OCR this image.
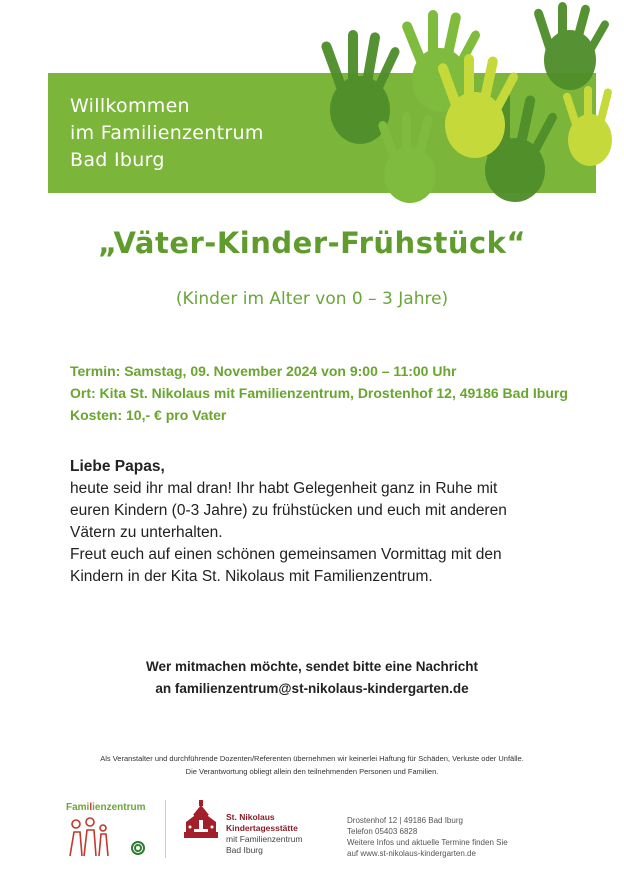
Willkommen
im Familienzentrum
Bad Iburg
„Väter-Kinder-Frühstück“
(Kinder im Alter von 0 – 3 Jahre)
Termin: Samstag, 09. November 2024 von 9:00 – 11:00 Uhr
Ort: Kita St. Nikolaus mit Familienzentrum, Drostenhof 12, 49186 Bad Iburg
Kosten: 10,- € pro Vater
Liebe Papas,
heute seid ihr mal dran! Ihr habt Gelegenheit ganz in Ruhe mit
euren Kindern (0-3 Jahre) zu frühstücken und euch mit anderen
Vätern zu unterhalten.
Freut euch auf einen schönen gemeinsamen Vormittag mit den
Kindern in der Kita St. Nikolaus mit Familienzentrum.
Wer mitmachen möchte, sendet bitte eine Nachricht
an familienzentrum@st-nikolaus-kindergarten.de
Als Veranstalter und durchführende Dozenten/Referenten übernehmen wir keinerlei Haftung für Schäden, Verluste oder Unfälle.
Die Verantwortung obliegt allein den teilnehmenden Personen und Familien.
Familienzentrum
St. Nikolaus
Kindertagesstätte
mit Familienzentrum
Bad Iburg
Drostenhof 12 | 49186 Bad Iburg
Telefon 05403 6828
Weitere Infos und aktuelle Termine finden Sie
auf www.st-nikolaus-kindergarten.de
